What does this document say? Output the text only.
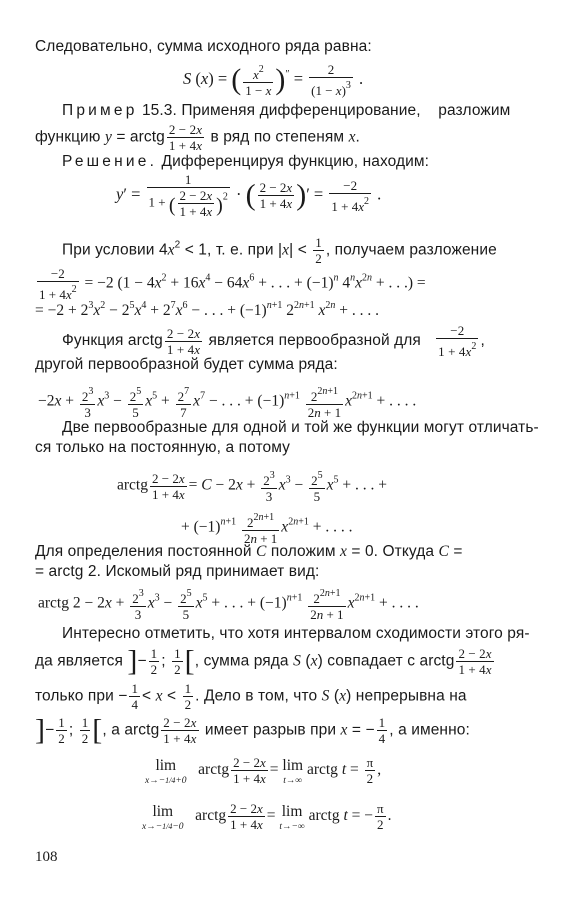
Следовательно, сумма исходного ряда равна:
S (x) = ( $\frac{x^2}{1 - x} )'' = \frac{2}{(1 - x)^3}$ .
Пример 15.3. Применяя дифференцирование,    разложим
функцию y = arctg $\frac{2 - 2x}{1 + 4x}$ в ряд по степеням x.
Решение. Дифференцируя функцию, находим:
$y' = \frac{1}{1 + ( \frac{2 - 2x}{1 + 4x} )^2}$ · ( $\frac{2 - 2x}{1 + 4x}$ )′ = $\frac{-2}{1 + 4x^2}$ .
При условии $4x^2 < 1$, т. е. при $|x| < \frac{1}{2}$ , получаем разложение
$\frac{-2}{1 + 4x^2} = -2$ ($1 - 4x^2 + 16x^4 - 64x^6$ + . . . + $(-1)^n$ $4^nx^{2n}$ + . . .) =
= $-2 + 2^3x^2 - 2^5x^4 + 2^7x^6$ − . . . + $(-1)^{n+1}$ $2^{2n+1}$ $x^{2n}$ + . . . .
Функция arctg $\frac{2 - 2x}{1 + 4x}$ является первообразной для $\frac{-2}{1 + 4x^2}$ ,
другой первообразной будет сумма ряда:
$-2x + \frac{2^3}{3} x^3 - \frac{2^5}{5} x^5 + \frac{2^7}{7} x^7$ − . . . + $(-1)^{n+1} \frac{2^{2n+1}}{2n + 1} x^{2n+1}$ + . . . .
Две первообразные для одной и той же функции могут отличать-
ся только на постоянную, а потому
arctg $\frac{2 - 2x}{1 + 4x} = C - 2x + \frac{2^3}{3} x^3 - \frac{2^5}{5} x^5$ + . . . +
+ $(-1)^{n+1} \frac{2^{2n+1}}{2n + 1} x^{2n+1}$ + . . . .
Для определения постоянной C положим x = 0. Откуда C =
= arctg 2. Искомый ряд принимает вид:
arctg $2 - 2x + \frac{2^3}{3} x^3 - \frac{2^5}{5} x^5$ + . . . + $(-1)^{n+1} \frac{2^{2n+1}}{2n + 1} x^{2n+1}$ + . . . .
Интересно отметить, что хотя интервалом сходимости этого ря-
да является ]− $\frac{1}{2}$ ; $\frac{1}{2}$ [, сумма ряда S (x) совпадает с arctg $\frac{2 - 2x}{1 + 4x}$
только при − $\frac{1}{4} < x < \frac{1}{2}$ . Дело в том, что S (x) непрерывна на
]− $\frac{1}{2}$ ; $\frac{1}{2}$ [, а arctg $\frac{2 - 2x}{1 + 4x}$ имеет разрыв при x = − $\frac{1}{4}$ , а именно:
lim
x→−1/4+0
arctg $\frac{2 - 2x}{1 + 4x} = \lim$
t→∞
arctg $t = \frac{\pi}{2}$ ,
lim
x→−1/4−0
arctg $\frac{2 - 2x}{1 + 4x} = \lim$
t→−∞
arctg t = − $\frac{\pi}{2}$ .
108
